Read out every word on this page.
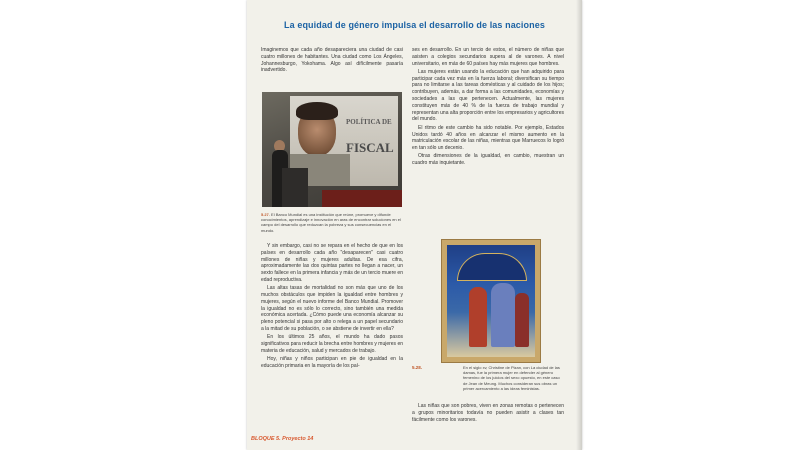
La equidad de género impulsa el desarrollo de las naciones

Imaginemos que cada año desapareciera una ciudad de casi cuatro millones de habitantes. Una ciudad como Los Ángeles, Johannesburgo, Yokohama. Algo así difícilmente pasaría inadvertido.

POLÍTICA DE
FISCAL
5.27. El Banco Mundial es una institución que reúne, promueve y difunde conocimientos, aprendizaje e innovación en aras de encontrar soluciones en el campo del desarrollo que reduzcan la pobreza y sus consecuencias en el mundo.

Y sin embargo, casi no se repara en el hecho de que en los países en desarrollo cada año "desaparecen" casi cuatro millones de niñas y mujeres adultas. De esa cifra, aproximadamente las dos quintas partes no llegan a nacer, un sexto fallece en la primera infancia y más de un tercio muere en edad reproductiva.

Las altas tasas de mortalidad no son más que uno de los muchos obstáculos que impiden la igualdad entre hombres y mujeres, según el nuevo informe del Banco Mundial. Promover la igualdad no es sólo lo correcto, sino también una medida económica acertada. ¿Cómo puede una economía alcanzar su pleno potencial si pasa por alto o relega a un papel secundario a la mitad de su población, o se abstiene de invertir en ella?

En los últimos 25 años, el mundo ha dado pasos significativos para reducir la brecha entre hombres y mujeres en materia de educación, salud y mercados de trabajo.

Hoy, niñas y niños participan en pie de igualdad en la educación primaria en la mayoría de los paí-

ses en desarrollo. En un tercio de estos, el número de niñas que asisten a colegios secundarios supera al de varones. A nivel universitario, en más de 60 países hay más mujeres que hombres.

Las mujeres están usando la educación que han adquirido para participar cada vez más en la fuerza laboral; diversifican su tiempo para no limitarse a las tareas domésticas y al cuidado de los hijos; contribuyen, además, a dar forma a las comunidades, economías y sociedades a las que pertenecen. Actualmente, las mujeres constituyen más de 40 % de la fuerza de trabajo mundial y representan una alta proporción entre los empresarios y agricultores del mundo.

El ritmo de este cambio ha sido notable. Por ejemplo, Estados Unidos tardó 40 años en alcanzar el mismo aumento en la matriculación escolar de las niñas, mientras que Marruecos lo logró en tan sólo un decenio.

Otras dimensiones de la igualdad, en cambio, muestran un cuadro más inquietante.

5.28.	En el siglo xv, Christine de Pizan, con La ciudad de las damas, fue la primera mujer en defender al género femenino de los juicios del sexo opuesto, en este caso de Jean de Meung. Muchos consideran sus obras un primer acercamiento a las ideas feministas.

Las niñas que son pobres, viven en zonas remotas o pertenecen a grupos minoritarios todavía no pueden asistir a clases tan fácilmente como los varones.

BLOQUE 5. Proyecto 14
